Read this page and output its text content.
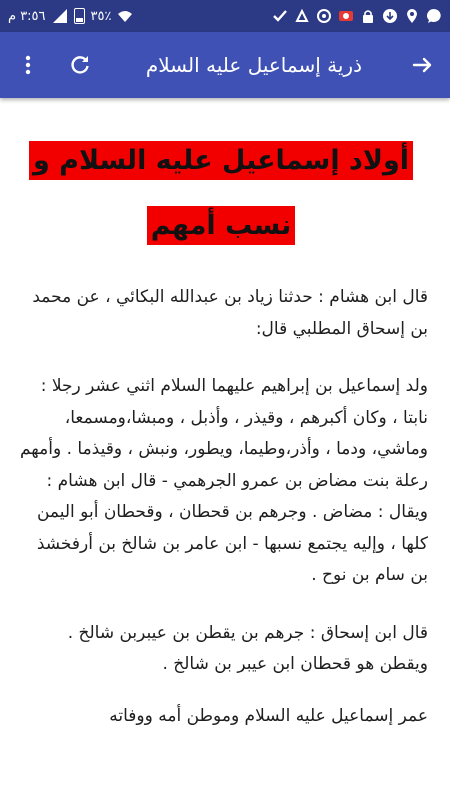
٣:٥٦ م	٣٥٪
ذرية إسماعيل عليه السلام
أولاد إسماعيل عليه السلام و نسب أمهم

قال ابن هشام : حدثنا زياد بن عبدالله البكائي ، عن محمد بن إسحاق المطلبي قال:

ولد إسماعيل بن إبراهيم عليهما السلام اثني عشر رجلا : نابتا ، وكان أكبرهم ، وقيذر ، وأذبل ، ومبشا،ومسمعا، وماشي، ودما ، وأذر،وطيما، ويطور، ونبش ، وقيذما . وأمهم رعلة بنت مضاض بن عمرو الجرهمي - قال ابن هشام : ويقال : مضاض . وجرهم بن قحطان ، وقحطان أبو اليمن كلها ، وإليه يجتمع نسبها - ابن عامر بن شالخ بن أرفخشذ بن سام بن نوح .

قال ابن إسحاق : جرهم بن يقطن بن عيبربن شالخ . ويقطن هو قحطان ابن عيبر بن شالخ .

عمر إسماعيل عليه السلام وموطن أمه ووفاته
